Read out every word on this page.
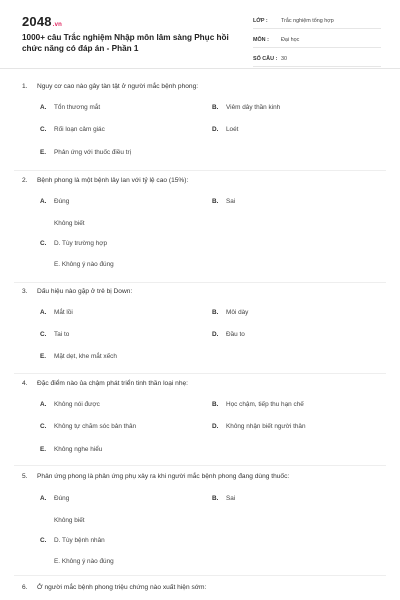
2048.vn
1000+ câu Trắc nghiệm Nhập môn lâm sàng Phục hồi chức năng có đáp án - Phần 1
LỚP :	Trắc nghiệm tổng hợp
MÔN :	Đại học
SỐ CÂU : 30
1. Nguy cơ cao nào gây tàn tật ở người mắc bệnh phong:
A. Tổn thương mắt	B. Viêm dây thần kinh
C. Rối loạn cảm giác	D. Loét
E. Phản ứng với thuốc điều trị
2. Bệnh phong là một bệnh lây lan với tỷ lệ cao (15%):
A. Đúng	B. Sai
Không biết
C. D. Tùy trường hợp
E. Không ý nào đúng
3. Dấu hiệu nào gặp ở trẻ bị Down:
A. Mắt lồi	B. Môi dày
C. Tai to	D. Đầu to
E. Mặt dẹt, khe mắt xếch
4. Đặc điểm nào ủa chậm phát triển tinh thần loại nhẹ:
A. Không nói được	B. Học chậm, tiếp thu hạn chế
C. Không tự chăm sóc bản thân	D. Không nhận biết người thân
E. Không nghe hiểu
5. Phản ứng phong là phản ứng phụ xảy ra khi người mắc bệnh phong đang dùng thuốc:
A. Đúng	B. Sai
Không biết
C. D. Tùy bệnh nhân
E. Không ý nào đúng
6. Ở người mắc bệnh phong triệu chứng nào xuất hiện sớm:
